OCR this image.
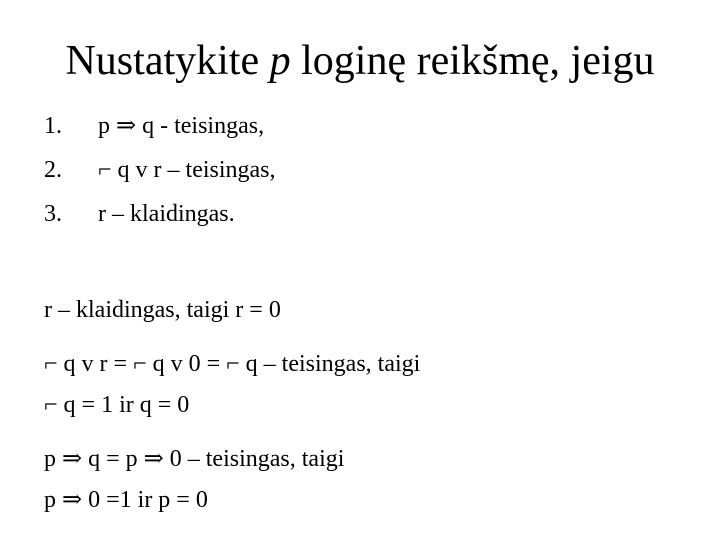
Nustatykite p loginę reikšmę, jeigu
1. p ⇒ q - teisingas,
2. ⌐ q v r – teisingas,
3. r – klaidingas.
r – klaidingas, taigi r = 0
⌐ q v r = ⌐ q v 0 = ⌐ q – teisingas, taigi
⌐ q = 1 ir q = 0
p ⇒ q = p ⇒ 0 – teisingas, taigi
p ⇒ 0 =1 ir p = 0
